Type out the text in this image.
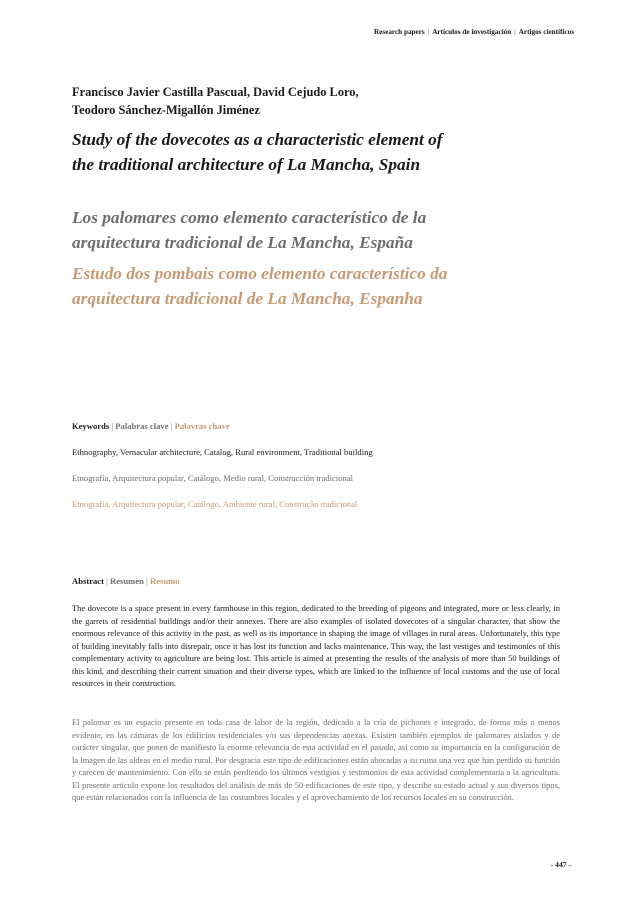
Research papers | Artículos de investigación | Artigos científicos
Francisco Javier Castilla Pascual, David Cejudo Loro,
Teodoro Sánchez-Migallón Jiménez
Study of the dovecotes as a characteristic element of the traditional architecture of La Mancha, Spain
Los palomares como elemento característico de la arquitectura tradicional de La Mancha, España
Estudo dos pombais como elemento característico da arquitectura tradicional de La Mancha, Espanha
Keywords | Palabras clave | Palavras chave
Ethnography, Vernacular architecture, Catalog, Rural environment, Traditional building
Etnografía, Arquitectura popular, Catálogo, Medio rural, Construcción tradicional
Etnografia, Arquitectura popular, Catálogo, Ambiente rural, Construção tradicional
Abstract | Resumen | Resumo

The dovecote is a space present in every farmhouse in this region, dedicated to the breeding of pigeons and integrated, more or less clearly, in the garrets of residential buildings and/or their annexes. There are also examples of isolated dovecotes of a singular character, that show the enormous relevance of this activity in the past, as well as its importance in shaping the image of villages in rural areas. Unfortunately, this type of building inevitably falls into disrepair, once it has lost its function and lacks maintenance. This way, the last vestiges and testimonies of this complementary activity to agriculture are being lost. This article is aimed at presenting the results of the analysis of more than 50 buildings of this kind, and describing their current situation and their diverse types, which are linked to the influence of local customs and the use of local resources in their construction.

El palomar es un espacio presente en toda casa de labor de la región, dedicado a la cría de pichones e integrado, de forma más o menos evidente, en las cámaras de los edificios residenciales y/o sus dependencias anexas. Existen también ejemplos de palomares aislados y de carácter singular, que ponen de manifiesto la enorme relevancia de esta actividad en el pasado, así como su importancia en la configuración de la imagen de las aldeas en el medio rural. Por desgracia este tipo de edificaciones están abocadas a su ruina una vez que han perdido su función y carecen de mantenimiento. Con ello se están perdiendo los últimos vestigios y testimonios de esta actividad complementaria a la agricultura. El presente artículo expone los resultados del análisis de más de 50 edificaciones de este tipo, y describe su estado actual y sus diversos tipos, que están relacionados con la influencia de las costumbres locales y el aprovechamiento de los recursos locales en su construcción.

- 447 -
